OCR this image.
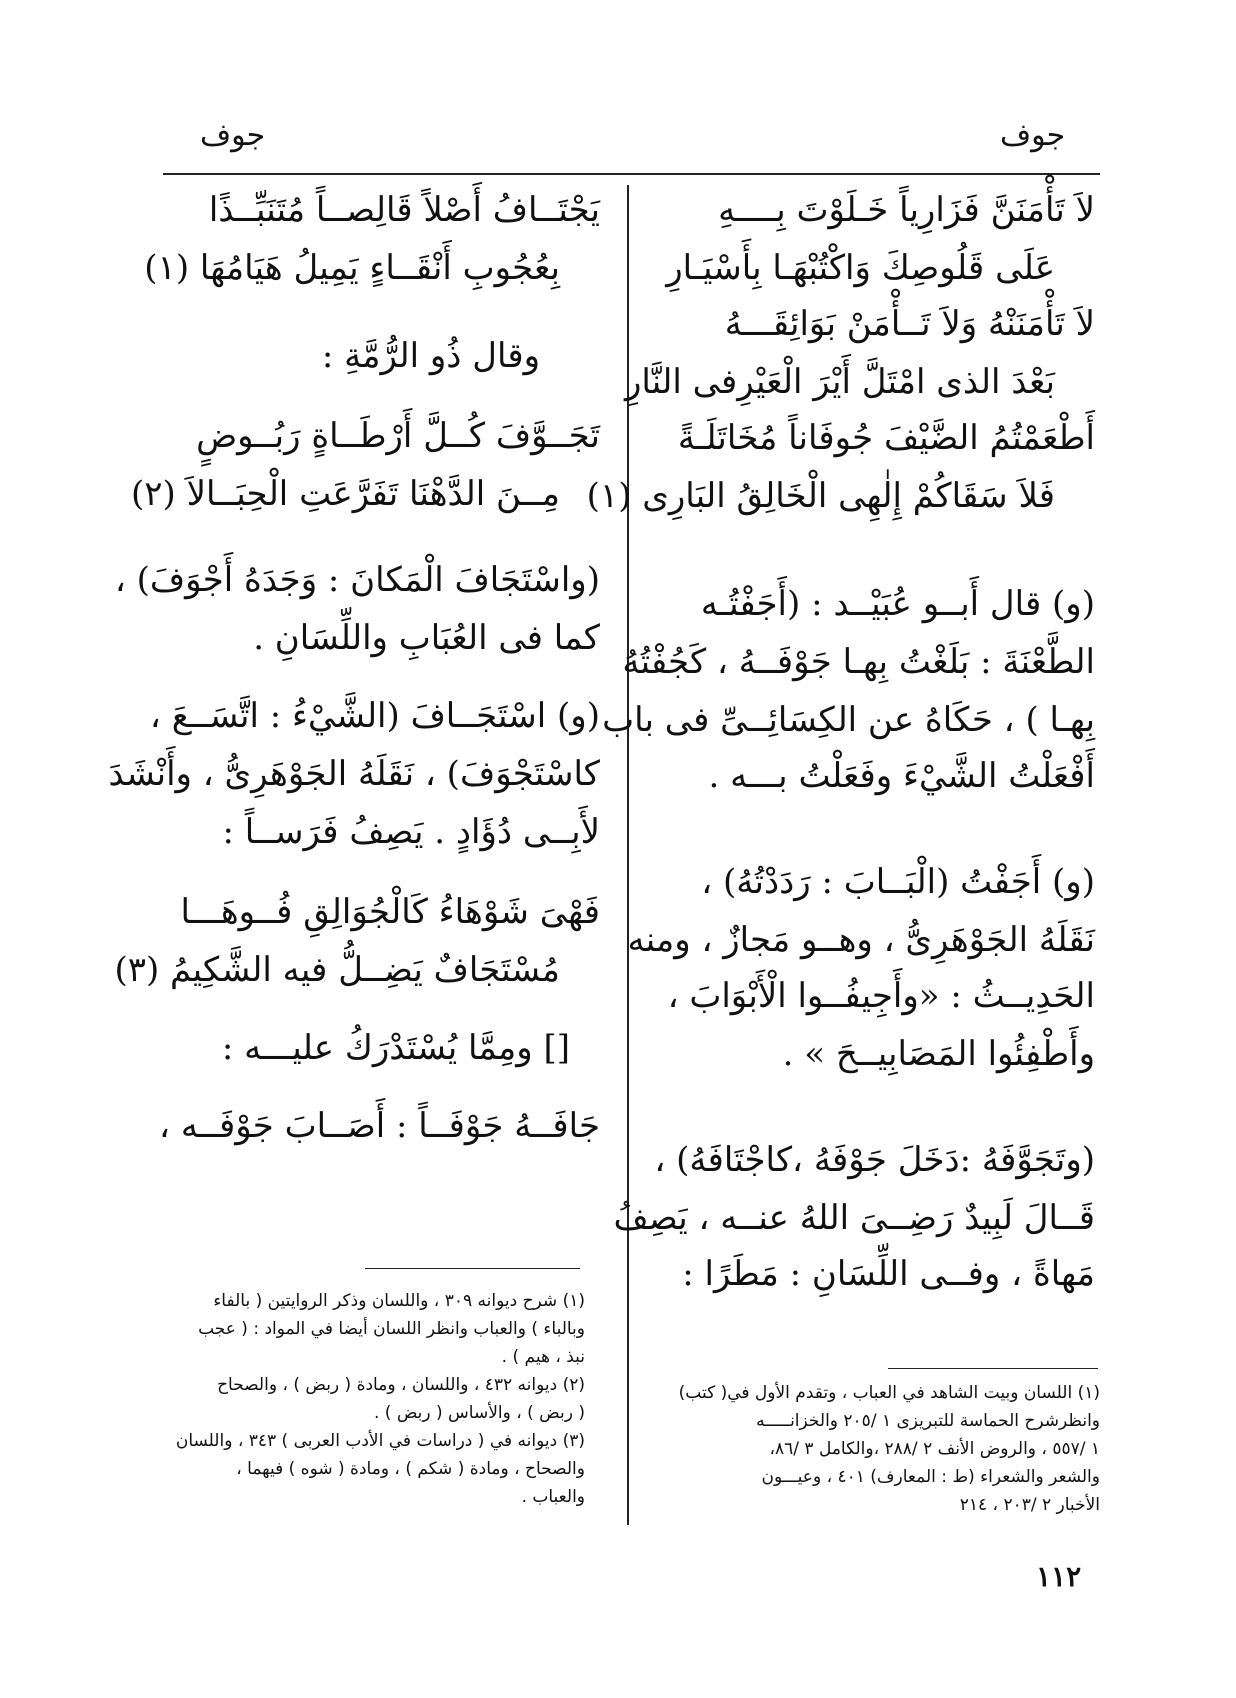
جوف	جوف
لاَ تَأْمَنَنَّ فَزَارِياً خَـلَوْتَ بِــــهِ
عَلَى قَلُوصِكَ وَاكْتُبْهَـا بِأَسْيَـارِ
لاَ تَأْمَنَنْهُ وَلاَ تَــأْمَنْ بَوَائِقَـــهُ
بَعْدَ الذى امْتَلَّ أَيْرَ الْعَيْرِفى النَّارِ
أَطْعَمْتُمُ الضَّيْفَ جُوفَاناً مُخَاتَلَـةً
فَلاَ سَقَاكُمْ إِلٰهِى الْخَالِقُ البَارِى (١)
(و) قال أَبــو عُبَيْــد : (أَجَفْتُـه
الطَّعْنَةَ : بَلَغْتُ بِهـا جَوْفَــهُ ، كَجُفْتُهُ
بِهـا ) ، حَكَاهُ عن الكِسَائِــىِّ فى باب
أَفْعَلْتُ الشَّيْءَ وفَعَلْتُ بـــه .
(و) أَجَفْتُ (الْبَــابَ : رَدَدْتُهُ) ،
نَقَلَهُ الجَوْهَرِىُّ ، وهــو مَجازٌ ، ومنه
الحَدِيــثُ : «وأَجِيفُــوا الْأَبْوَابَ ،
وأَطْفِئُوا المَصَابِيــحَ » .
(وتَجَوَّفَهُ :دَخَلَ جَوْفَهُ ،كاجْتَافَهُ) ،
قَــالَ لَبِيدٌ رَضِــىَ اللهُ عنــه ، يَصِفُ
مَهاةً ، وفــى اللِّسَانِ : مَطَرًا :
يَجْتَــافُ أَصْلاً قَالِصــاً مُتَنَبِّــذًا
بِعُجُوبِ أَنْقَــاءٍ يَمِيلُ هَيَامُهَا (١)
وقال ذُو الرُّمَّةِ :
تَجَــوَّفَ كُــلَّ أَرْطَــاةٍ رَبُــوضٍ
مِــنَ الدَّهْنَا تَفَرَّعَتِ الْحِبَــالاَ (٢)
(واسْتَجَافَ الْمَكانَ : وَجَدَهُ أَجْوَفَ) ،
كما فى العُبَابِ واللِّسَانِ .
(و) اسْتَجَــافَ (الشَّيْءُ : اتَّسَــعَ ،
كاسْتَجْوَفَ) ، نَقَلَهُ الجَوْهَرِىُّ ، وأَنْشَدَ
لأَبِــى دُؤَادٍ . يَصِفُ فَرَســاً :
فَهْىَ شَوْهَاءُ كَالْجُوَالِقِ فُــوهَـــا
مُسْتَجَافٌ يَضِــلُّ فيه الشَّكِيمُ (٣)
[] ومِمَّا يُسْتَدْرَكُ عليـــه :
جَافَــهُ جَوْفَــاً : أَصَــابَ جَوْفَــه ،
(١) شرح ديوانه ٣٠٩ ، واللسان وذكر الروايتين ( بالفاء
وبالباء ) والعباب وانظر اللسان أيضا في المواد : ( عجب
نبذ ، هيم ) .
(٢) ديوانه ٤٣٢ ، واللسان ، ومادة ( ربض ) ، والصحاح
( ربض ) ، والأساس ( ربض ) .
(٣) ديوانه في ( دراسات في الأدب العربى ) ٣٤٣ ، واللسان
والصحاح ، ومادة ( شكم ) ، ومادة ( شوه ) فيهما ،
والعباب .
(١) اللسان وبيت الشاهد في العباب ، وتقدم الأول في( كتب)
وانظرشرح الحماسة للتبريزى ١ /٢٠٥ والخزانـــــه
١ /٥٥٧ ، والروض الأنف ٢ /٢٨٨ ،والكامل ٣ /٨٦،
والشعر والشعراء (ط : المعارف) ٤٠١ ، وعيـــون
الأخبار ٢ /٢٠٣ ، ٢١٤
١١٢
